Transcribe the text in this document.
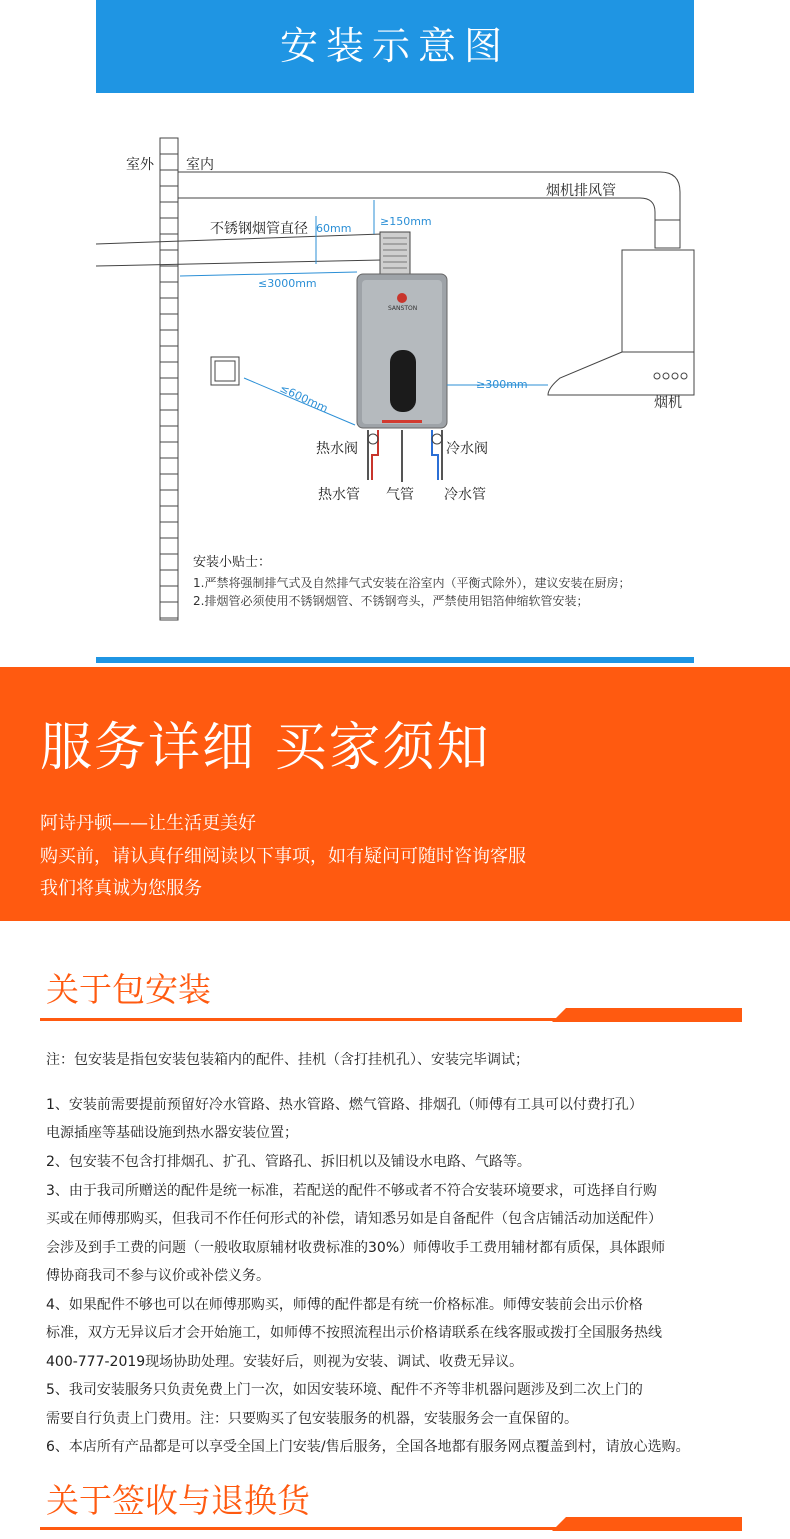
安装示意图
室外 室内
烟机排风管
不锈钢烟管直径 60mm
≥150mm
≤3000mm
≤600mm	≥300mm
烟机
热水阀	冷水阀
热水管 气管 冷水管
SANSTON
安装小贴士：
1.严禁将强制排气式及自然排气式安装在浴室内（平衡式除外），建议安装在厨房；
2.排烟管必须使用不锈钢烟管、不锈钢弯头，严禁使用铝箔伸缩软管安装；
服务详细 买家须知
阿诗丹顿——让生活更美好
购买前，请认真仔细阅读以下事项，如有疑问可随时咨询客服
我们将真诚为您服务
关于包安装
注：包安装是指包安装包装箱内的配件、挂机（含打挂机孔）、安装完毕调试；
1、安装前需要提前预留好冷水管路、热水管路、燃气管路、排烟孔（师傅有工具可以付费打孔）
电源插座等基础设施到热水器安装位置；
2、包安装不包含打排烟孔、扩孔、管路孔、拆旧机以及铺设水电路、气路等。
3、由于我司所赠送的配件是统一标准，若配送的配件不够或者不符合安装环境要求，可选择自行购
买或在师傅那购买，但我司不作任何形式的补偿，请知悉另如是自备配件（包含店铺活动加送配件）
会涉及到手工费的问题（一般收取原辅材收费标准的30%）师傅收手工费用辅材都有质保，具体跟师
傅协商我司不参与议价或补偿义务。
4、如果配件不够也可以在师傅那购买，师傅的配件都是有统一价格标准。师傅安装前会出示价格
标准，双方无异议后才会开始施工，如师傅不按照流程出示价格请联系在线客服或拨打全国服务热线
400-777-2019现场协助处理。安装好后，则视为安装、调试、收费无异议。
5、我司安装服务只负责免费上门一次，如因安装环境、配件不齐等非机器问题涉及到二次上门的
需要自行负责上门费用。注：只要购买了包安装服务的机器，安装服务会一直保留的。
6、本店所有产品都是可以享受全国上门安装/售后服务，全国各地都有服务网点覆盖到村，请放心选购。
关于签收与退换货
